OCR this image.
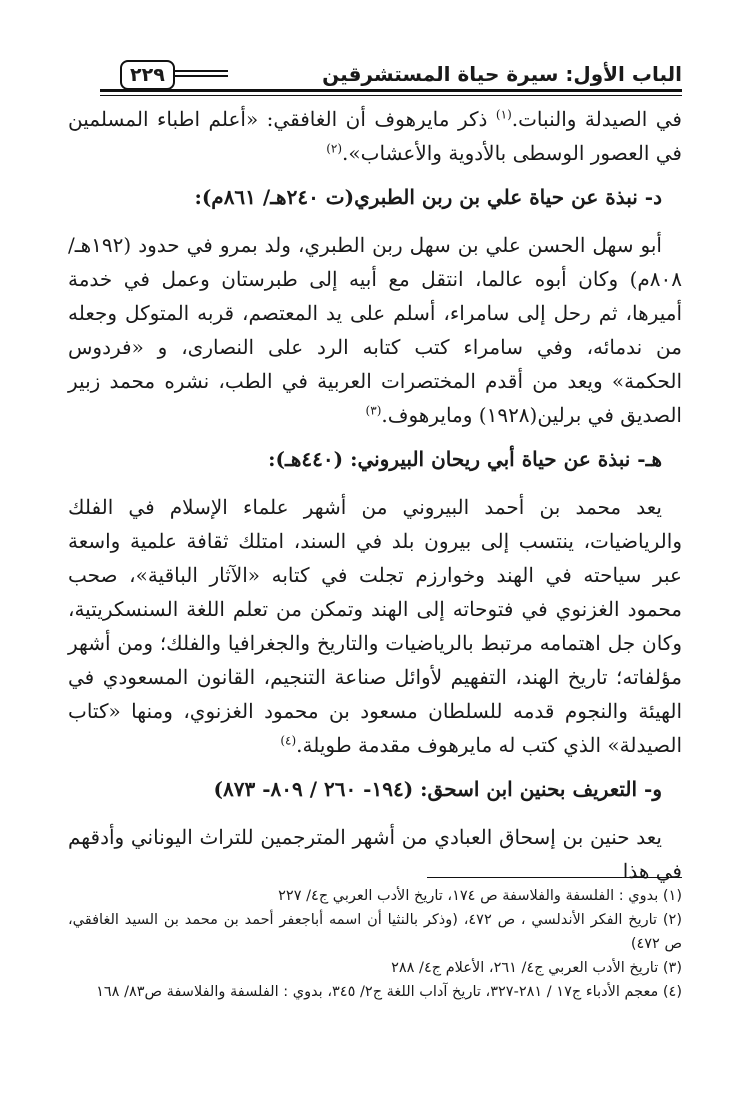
الباب الأول: سيرة حياة المستشرقين
٢٢٩

في الصيدلة والنبات.$^{(١)}$ ذكر مايرهوف أن الغافقي: «أعلم اطباء المسلمين في العصور الوسطى بالأدوية والأعشاب».$^{(٢)}$

د- نبذة عن حياة علي بن ربن الطبري(ت ٢٤٠هـ/ ٨٦١م):

أبو سهل الحسن علي بن سهل ربن الطبري، ولد بمرو في حدود (١٩٢هـ/ ٨٠٨م) وكان أبوه عالما، انتقل مع أبيه إلى طبرستان وعمل في خدمة أميرها، ثم رحل إلى سامراء، أسلم على يد المعتصم، قربه المتوكل وجعله من ندمائه، وفي سامراء كتب كتابه الرد على النصارى، و «فردوس الحكمة» ويعد من أقدم المختصرات العربية في الطب، نشره محمد زبير الصديق في برلين(١٩٢٨) ومايرهوف.$^{(٣)}$

هـ- نبذة عن حياة أبي ريحان البيروني: (٤٤٠هـ):

يعد محمد بن أحمد البيروني من أشهر علماء الإسلام في الفلك والرياضيات، ينتسب إلى بيرون بلد في السند، امتلك ثقافة علمية واسعة عبر سياحته في الهند وخوارزم تجلت في كتابه «الآثار الباقية»، صحب محمود الغزنوي في فتوحاته إلى الهند وتمكن من تعلم اللغة السنسكريتية، وكان جل اهتمامه مرتبط بالرياضيات والتاريخ والجغرافيا والفلك؛ ومن أشهر مؤلفاته؛ تاريخ الهند، التفهيم لأوائل صناعة التنجيم، القانون المسعودي في الهيئة والنجوم قدمه للسلطان مسعود بن محمود الغزنوي، ومنها «كتاب الصيدلة» الذي كتب له مايرهوف مقدمة طويلة.$^{(٤)}$

و- التعريف بحنين ابن اسحق: (١٩٤- ٢٦٠ / ٨٠٩- ٨٧٣)

يعد حنين بن إسحاق العبادي من أشهر المترجمين للتراث اليوناني وأدقهم في هذا

(١) بدوي : الفلسفة والفلاسفة ص ١٧٤، تاريخ الأدب العربي ج٤/ ٢٢٧

(٢) تاريخ الفكر الأندلسي ، ص ٤٧٢، (وذكر بالنثيا أن اسمه أباجعفر أحمد بن محمد بن السيد الغافقي، ص ٤٧٢)

(٣) تاريخ الأدب العربي ج٤/ ٢٦١، الأعلام ج٤/ ٢٨٨

(٤) معجم الأدباء ج١٧ / ٢٨١-٣٢٧، تاريخ آداب اللغة ج٢/ ٣٤٥، بدوي : الفلسفة والفلاسفة ص٨٣/ ١٦٨
